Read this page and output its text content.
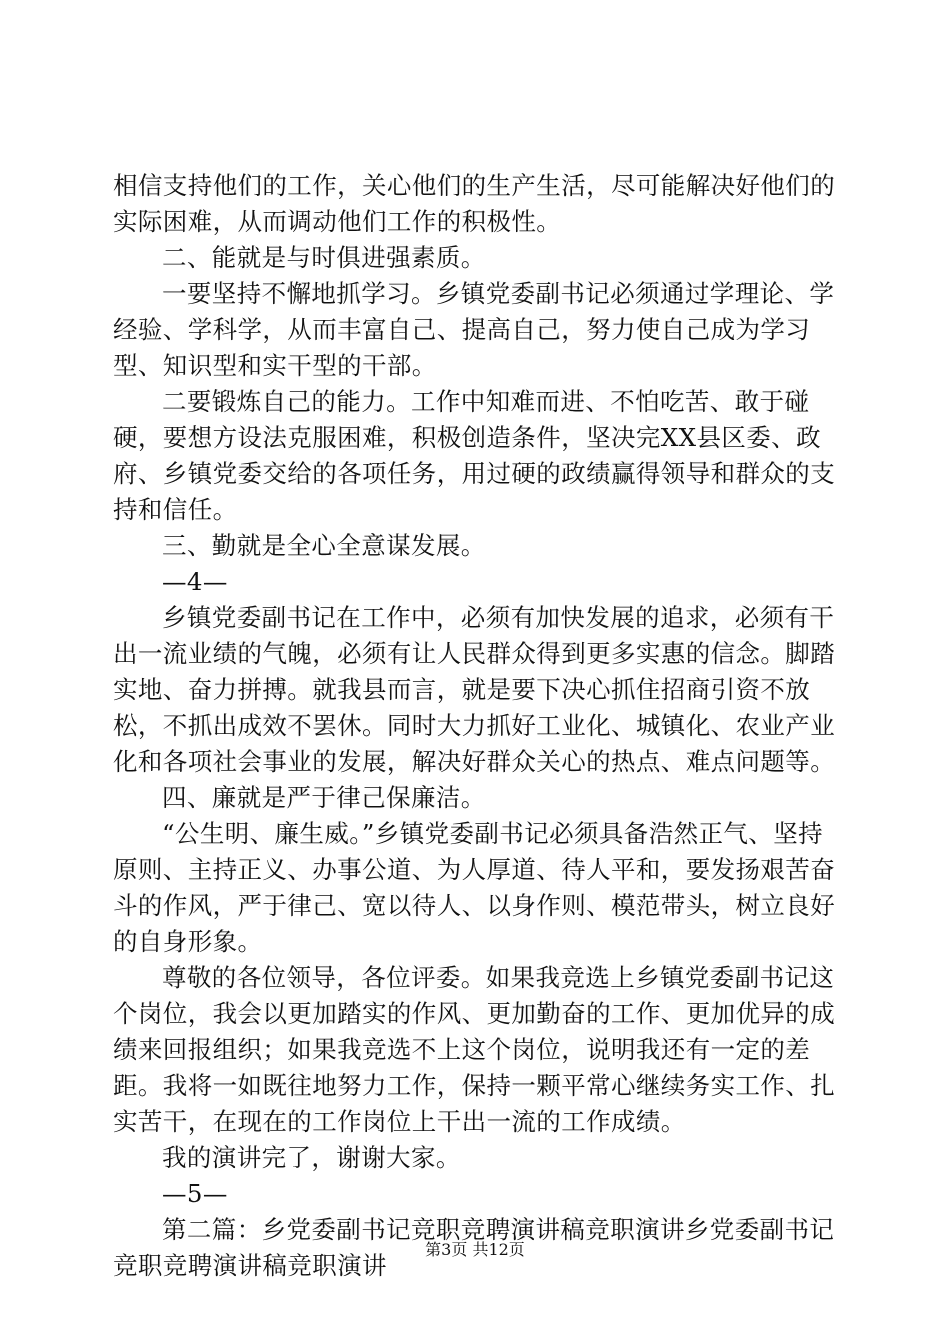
相信支持他们的工作，关心他们的生产生活，尽可能解决好他们的实际困难，从而调动他们工作的积极性。

二、能就是与时俱进强素质。

一要坚持不懈地抓学习。乡镇党委副书记必须通过学理论、学经验、学科学，从而丰富自己、提高自己，努力使自己成为学习型、知识型和实干型的干部。

二要锻炼自己的能力。工作中知难而进、不怕吃苦、敢于碰硬，要想方设法克服困难，积极创造条件，坚决完XX县区委、政府、乡镇党委交给的各项任务，用过硬的政绩赢得领导和群众的支持和信任。

三、勤就是全心全意谋发展。

—4—

乡镇党委副书记在工作中，必须有加快发展的追求，必须有干出一流业绩的气魄，必须有让人民群众得到更多实惠的信念。脚踏实地、奋力拼搏。就我县而言，就是要下决心抓住招商引资不放松，不抓出成效不罢休。同时大力抓好工业化、城镇化、农业产业化和各项社会事业的发展，解决好群众关心的热点、难点问题等。

四、廉就是严于律己保廉洁。

“公生明、廉生威。”乡镇党委副书记必须具备浩然正气、坚持原则、主持正义、办事公道、为人厚道、待人平和，要发扬艰苦奋斗的作风，严于律己、宽以待人、以身作则、模范带头，树立良好的自身形象。

尊敬的各位领导，各位评委。如果我竞选上乡镇党委副书记这个岗位，我会以更加踏实的作风、更加勤奋的工作、更加优异的成绩来回报组织；如果我竞选不上这个岗位，说明我还有一定的差距。我将一如既往地努力工作，保持一颗平常心继续务实工作、扎实苦干，在现在的工作岗位上干出一流的工作成绩。

我的演讲完了，谢谢大家。

—5—

第二篇：乡党委副书记竞职竞聘演讲稿竞职演讲乡党委副书记竞职竞聘演讲稿竞职演讲

第3页 共12页
